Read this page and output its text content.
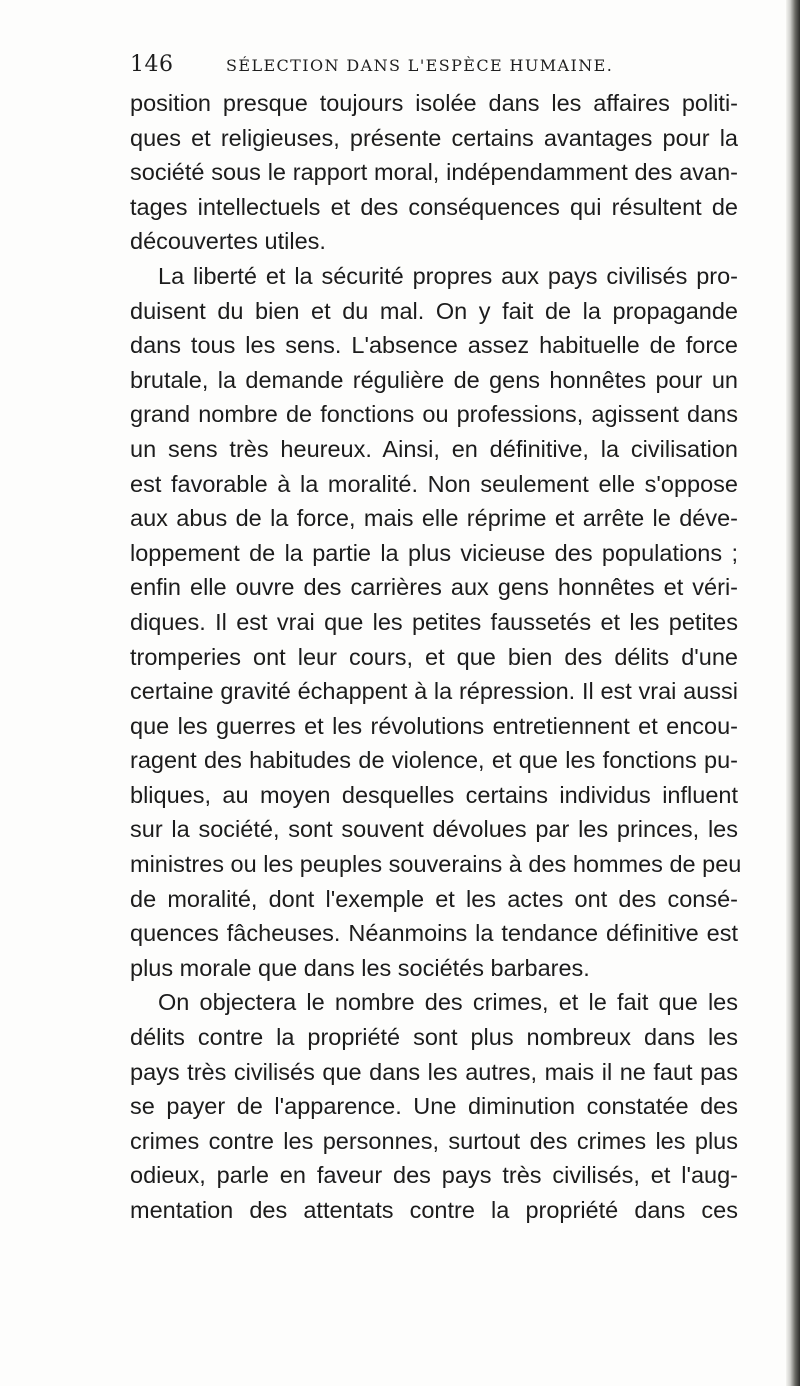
146	SÉLECTION DANS L'ESPÈCE HUMAINE.
position presque toujours isolée dans les affaires politi-
ques et religieuses, présente certains avantages pour la
société sous le rapport moral, indépendamment des avan-
tages intellectuels et des conséquences qui résultent de
découvertes utiles.
La liberté et la sécurité propres aux pays civilisés pro-
duisent du bien et du mal. On y fait de la propagande
dans tous les sens. L'absence assez habituelle de force
brutale, la demande régulière de gens honnêtes pour un
grand nombre de fonctions ou professions, agissent dans
un sens très heureux. Ainsi, en définitive, la civilisation
est favorable à la moralité. Non seulement elle s'oppose
aux abus de la force, mais elle réprime et arrête le déve-
loppement de la partie la plus vicieuse des populations ;
enfin elle ouvre des carrières aux gens honnêtes et véri-
diques. Il est vrai que les petites faussetés et les petites
tromperies ont leur cours, et que bien des délits d'une
certaine gravité échappent à la répression. Il est vrai aussi
que les guerres et les révolutions entretiennent et encou-
ragent des habitudes de violence, et que les fonctions pu-
bliques, au moyen desquelles certains individus influent
sur la société, sont souvent dévolues par les princes, les
ministres ou les peuples souverains à des hommes de peu
de moralité, dont l'exemple et les actes ont des consé-
quences fâcheuses. Néanmoins la tendance définitive est
plus morale que dans les sociétés barbares.
On objectera le nombre des crimes, et le fait que les
délits contre la propriété sont plus nombreux dans les
pays très civilisés que dans les autres, mais il ne faut pas
se payer de l'apparence. Une diminution constatée des
crimes contre les personnes, surtout des crimes les plus
odieux, parle en faveur des pays très civilisés, et l'aug-
mentation des attentats contre la propriété dans ces
